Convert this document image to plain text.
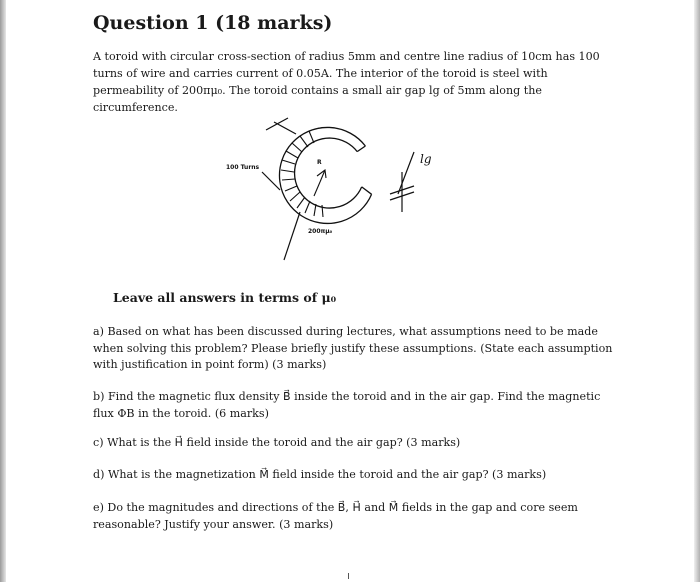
Question 1 (18 marks)

A toroid with circular cross-section of radius 5mm and centre line radius of 10cm has 100 turns of wire and carries current of 0.05A. The interior of the toroid is steel with permeability of 200πμ₀. The toroid contains a small air gap lg of 5mm along the circumference.

100 Turns
R
200πμ₀
lg

Leave all answers in terms of μ₀

a) Based on what has been discussed during lectures, what assumptions need to be made when solving this problem? Please briefly justify these assumptions. (State each assumption with justification in point form) (3 marks)

b) Find the magnetic flux density B⃗ inside the toroid and in the air gap. Find the magnetic flux ΦB in the toroid. (6 marks)

c) What is the H⃗ field inside the toroid and the air gap? (3 marks)

d) What is the magnetization M⃗ field inside the toroid and the air gap? (3 marks)

e) Do the magnitudes and directions of the B⃗, H⃗ and M⃗ fields in the gap and core seem reasonable? Justify your answer. (3 marks)
